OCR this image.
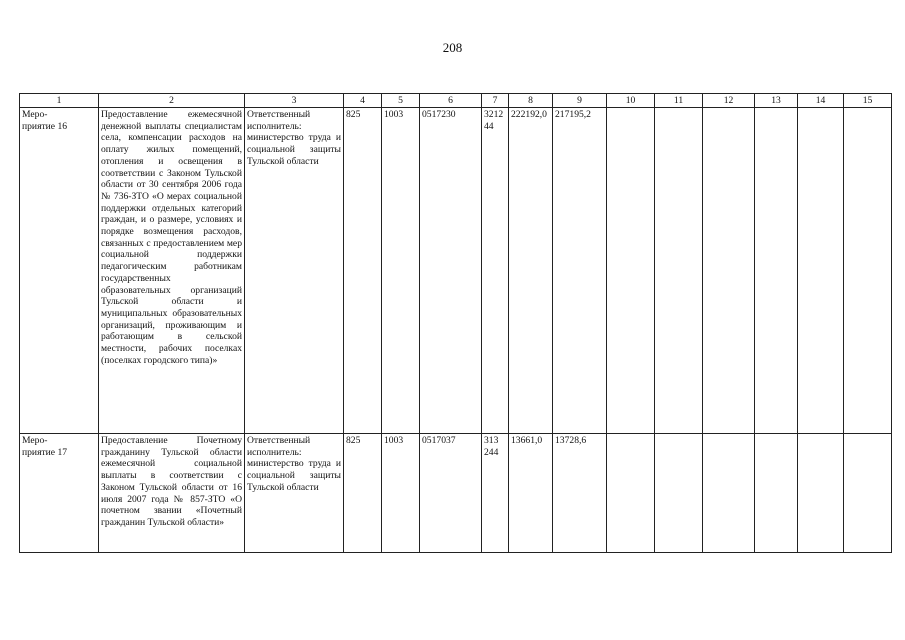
208
1	2	3	4	5	6	7	8	9	10	11	12	13	14	15
Меро-
приятие 16	Предоставление ежемесячной денежной выплаты специалистам села, компенсации расходов на оплату жилых помещений, отопления и освещения в соответствии с Законом Тульской области от 30 сентября 2006 года № 736-ЗТО «О мерах социальной поддержки отдельных категорий граждан, и о размере, условиях и порядке возмещения расходов, связанных с предоставлением мер социальной поддержки педагогическим работникам государственных образовательных организаций Тульской области и муниципальных образовательных организаций, проживающим и работающим в сельской местности, рабочих поселках (поселках городского типа)»	Ответственный исполнитель: министерство труда и социальной защиты Тульской области	825	1003	0517230	3212 44	222192,0	217195,2						
Меро-
приятие 17	Предоставление Почетному гражданину Тульской области ежемесячной социальной выплаты в соответствии с Законом Тульской области от 16 июля 2007 года № 857-ЗТО «О почетном звании «Почетный гражданин Тульской области»	Ответственный исполнитель: министерство труда и социальной защиты Тульской области	825	1003	0517037	313 244	13661,0	13728,6						
